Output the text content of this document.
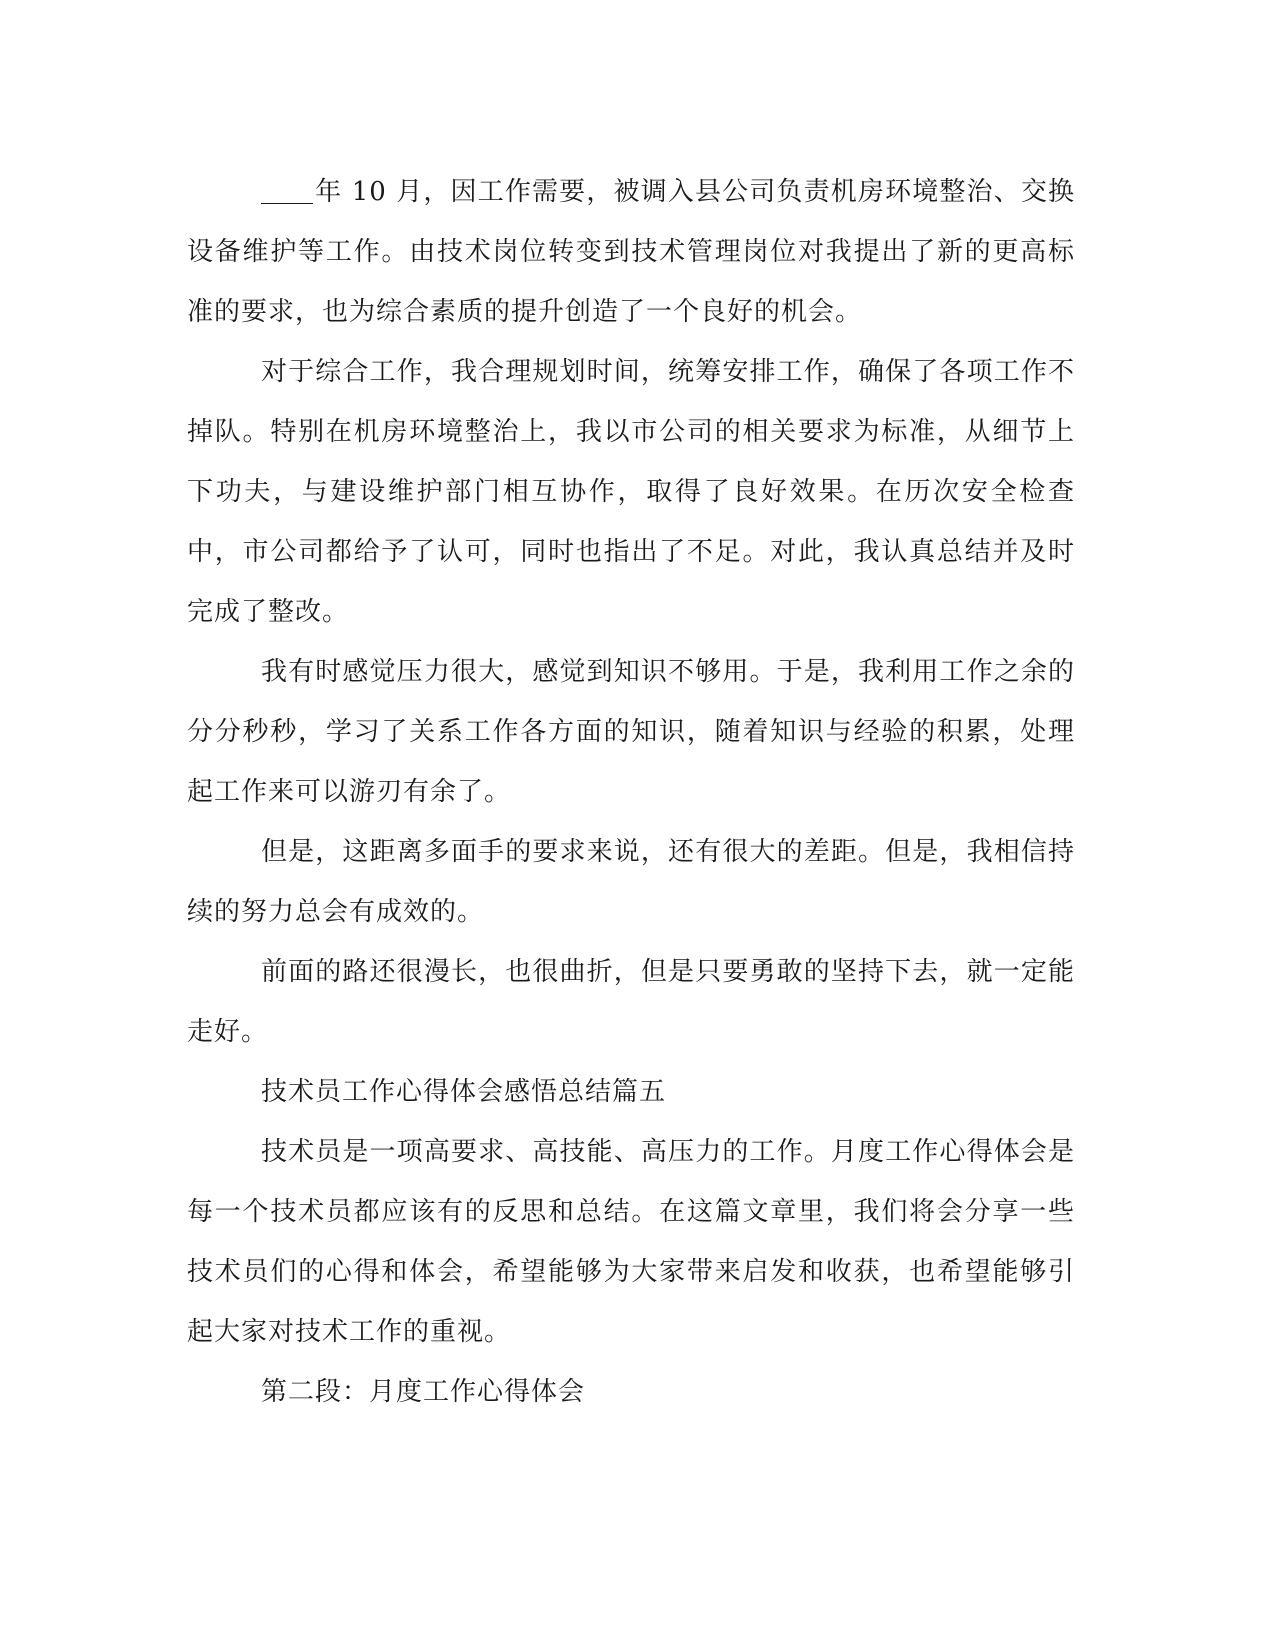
年 10 月，因工作需要，被调入县公司负责机房环境整治、交换设备维护等工作。由技术岗位转变到技术管理岗位对我提出了新的更高标准的要求，也为综合素质的提升创造了一个良好的机会。

对于综合工作，我合理规划时间，统筹安排工作，确保了各项工作不掉队。特别在机房环境整治上，我以市公司的相关要求为标准，从细节上下功夫，与建设维护部门相互协作，取得了良好效果。在历次安全检查中，市公司都给予了认可，同时也指出了不足。对此，我认真总结并及时完成了整改。

我有时感觉压力很大，感觉到知识不够用。于是，我利用工作之余的分分秒秒，学习了关系工作各方面的知识，随着知识与经验的积累，处理起工作来可以游刃有余了。

但是，这距离多面手的要求来说，还有很大的差距。但是，我相信持续的努力总会有成效的。

前面的路还很漫长，也很曲折，但是只要勇敢的坚持下去，就一定能走好。

技术员工作心得体会感悟总结篇五

技术员是一项高要求、高技能、高压力的工作。月度工作心得体会是每一个技术员都应该有的反思和总结。在这篇文章里，我们将会分享一些技术员们的心得和体会，希望能够为大家带来启发和收获，也希望能够引起大家对技术工作的重视。

第二段：月度工作心得体会
